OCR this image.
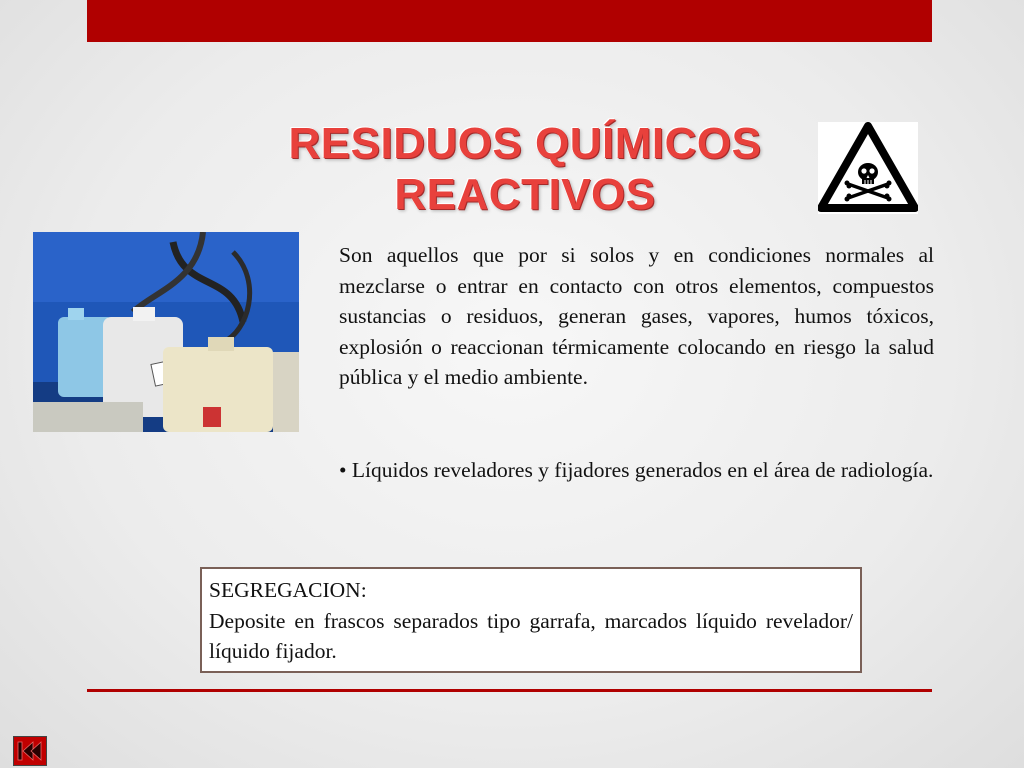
RESIDUOS QUÍMICOS
REACTIVOS

Son aquellos que por si solos y en condiciones normales al mezclarse o entrar en contacto con otros elementos, compuestos sustancias o residuos, generan gases, vapores, humos tóxicos, explosión o reaccionan térmicamente colocando en riesgo la salud pública y el medio ambiente.

• Líquidos reveladores y fijadores generados en el área de radiología.

SEGREGACION:
Deposite en frascos separados tipo garrafa, marcados líquido revelador/ líquido fijador.
